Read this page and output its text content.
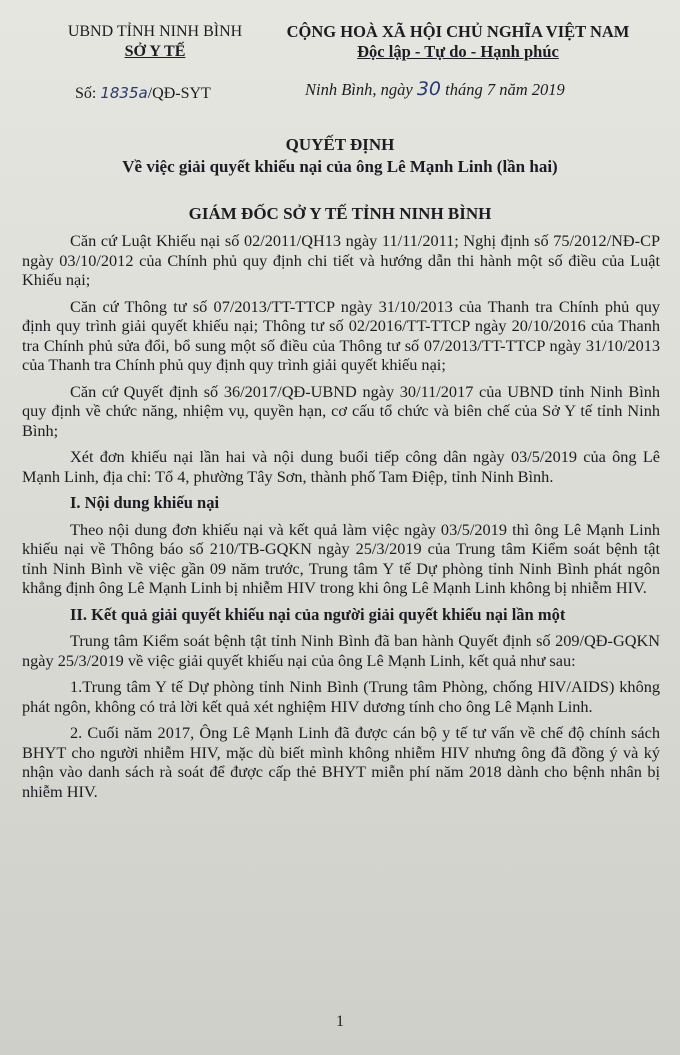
UBND TỈNH NINH BÌNH
SỞ Y TẾ
CỘNG HOÀ XÃ HỘI CHỦ NGHĨA VIỆT NAM
Độc lập - Tự do - Hạnh phúc
Số: 1835a/QĐ-SYT	Ninh Bình, ngày 30 tháng 7 năm 2019
QUYẾT ĐỊNH
Về việc giải quyết khiếu nại của ông Lê Mạnh Linh (lần hai)
GIÁM ĐỐC SỞ Y TẾ TỈNH NINH BÌNH

Căn cứ Luật Khiếu nại số 02/2011/QH13 ngày 11/11/2011; Nghị định số 75/2012/NĐ-CP ngày 03/10/2012 của Chính phủ quy định chi tiết và hướng dẫn thi hành một số điều của Luật Khiếu nại;

Căn cứ Thông tư số 07/2013/TT-TTCP ngày 31/10/2013 của Thanh tra Chính phủ quy định quy trình giải quyết khiếu nại; Thông tư số 02/2016/TT-TTCP ngày 20/10/2016 của Thanh tra Chính phủ sửa đổi, bổ sung một số điều của Thông tư số 07/2013/TT-TTCP ngày 31/10/2013 của Thanh tra Chính phủ quy định quy trình giải quyết khiếu nại;

Căn cứ Quyết định số 36/2017/QĐ-UBND ngày 30/11/2017 của UBND tỉnh Ninh Bình quy định về chức năng, nhiệm vụ, quyền hạn, cơ cấu tổ chức và biên chế của Sở Y tế tỉnh Ninh Bình;

Xét đơn khiếu nại lần hai và nội dung buổi tiếp công dân ngày 03/5/2019 của ông Lê Mạnh Linh, địa chỉ: Tổ 4, phường Tây Sơn, thành phố Tam Điệp, tỉnh Ninh Bình.

I. Nội dung khiếu nại

Theo nội dung đơn khiếu nại và kết quả làm việc ngày 03/5/2019 thì ông Lê Mạnh Linh khiếu nại về Thông báo số 210/TB-GQKN ngày 25/3/2019 của Trung tâm Kiểm soát bệnh tật tỉnh Ninh Bình về việc gần 09 năm trước, Trung tâm Y tế Dự phòng tỉnh Ninh Bình phát ngôn khẳng định ông Lê Mạnh Linh bị nhiễm HIV trong khi ông Lê Mạnh Linh không bị nhiễm HIV.

II. Kết quả giải quyết khiếu nại của người giải quyết khiếu nại lần một

Trung tâm Kiểm soát bệnh tật tỉnh Ninh Bình đã ban hành Quyết định số 209/QĐ-GQKN ngày 25/3/2019 về việc giải quyết khiếu nại của ông Lê Mạnh Linh, kết quả như sau:

1.Trung tâm Y tế Dự phòng tỉnh Ninh Bình (Trung tâm Phòng, chống HIV/AIDS) không phát ngôn, không có trả lời kết quả xét nghiệm HIV dương tính cho ông Lê Mạnh Linh.

2. Cuối năm 2017, Ông Lê Mạnh Linh đã được cán bộ y tế tư vấn về chế độ chính sách BHYT cho người nhiễm HIV, mặc dù biết mình không nhiễm HIV nhưng ông đã đồng ý và ký nhận vào danh sách rà soát để được cấp thẻ BHYT miễn phí năm 2018 dành cho bệnh nhân bị nhiễm HIV.

1
